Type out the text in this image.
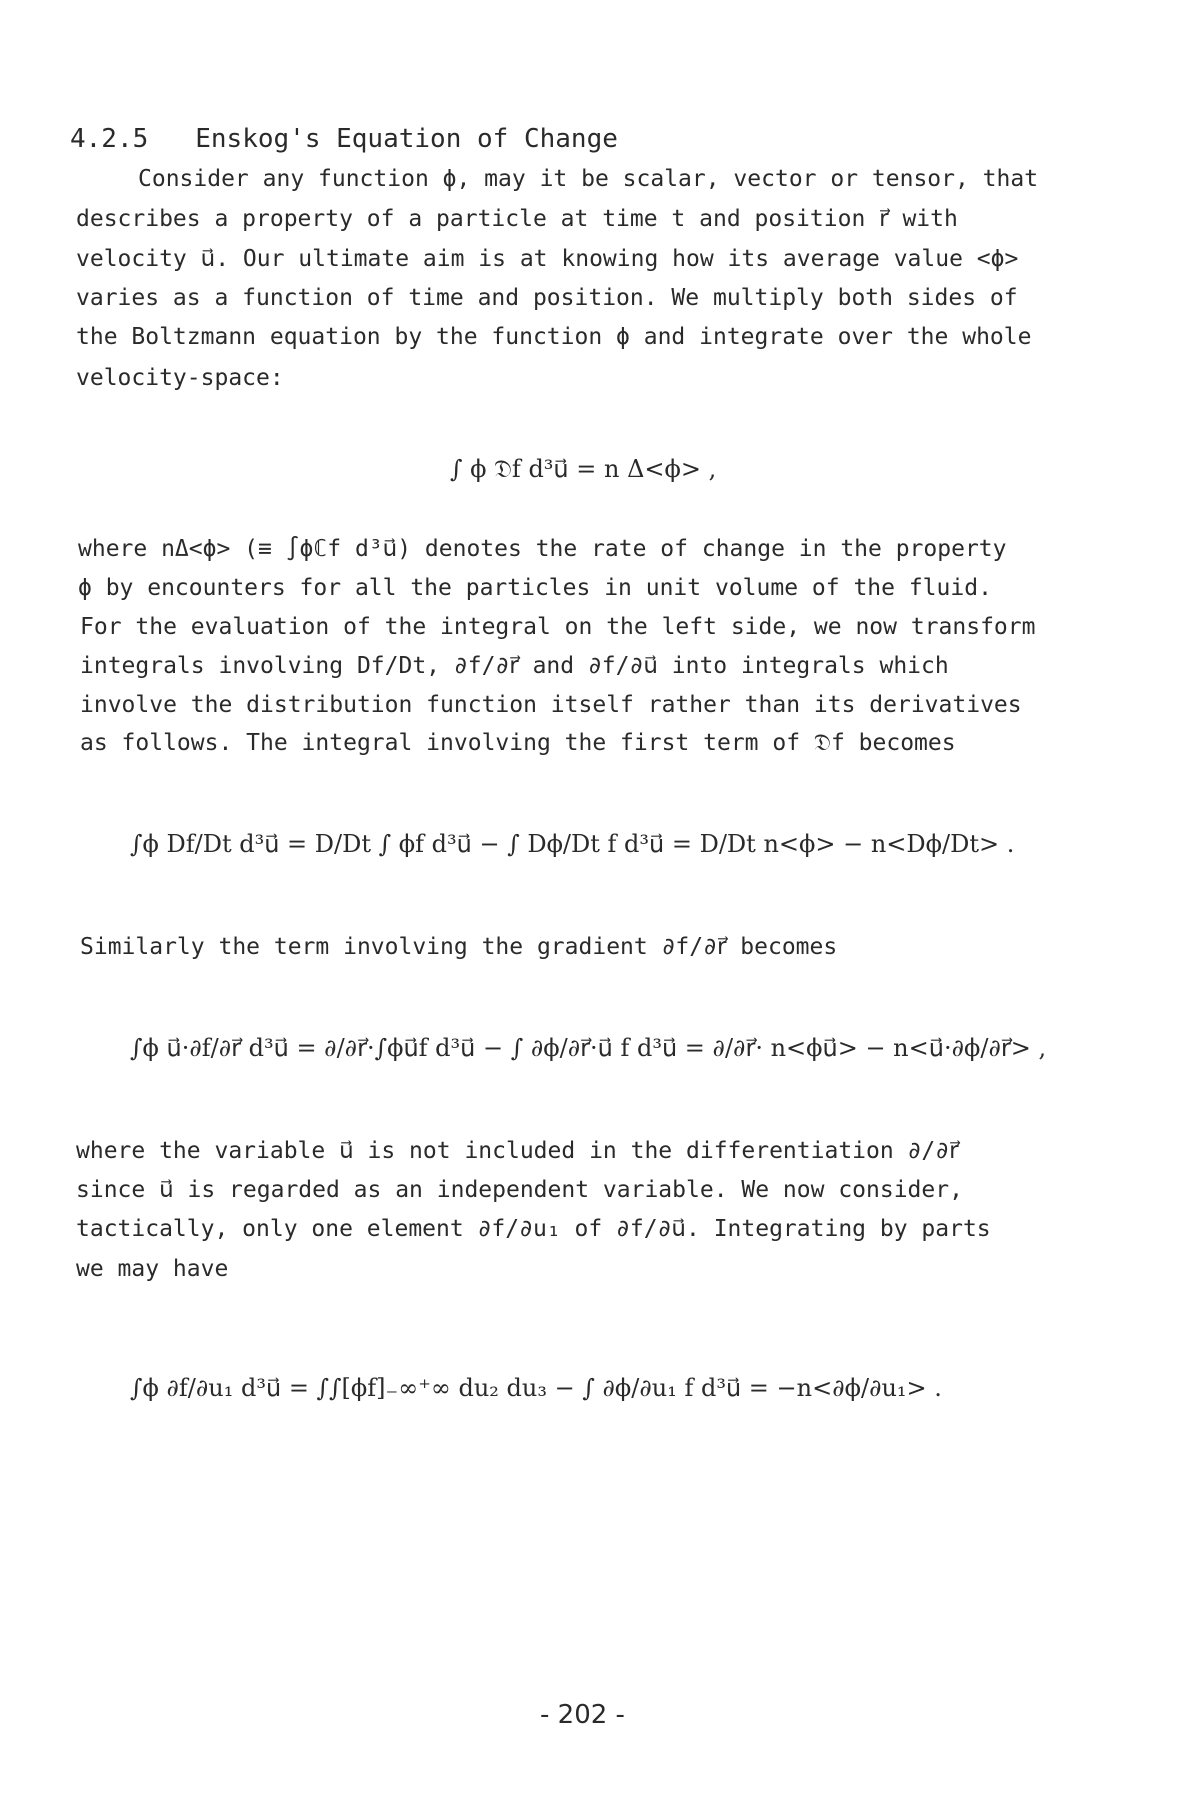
4.2.5 Enskog's Equation of Change
Consider any function ϕ, may it be scalar, vector or tensor, that
describes a property of a particle at time t and position r⃗ with
velocity u⃗. Our ultimate aim is at knowing how its average value <ϕ>
varies as a function of time and position. We multiply both sides of
the Boltzmann equation by the function ϕ and integrate over the whole
velocity-space:
∫ ϕ 𝔇f d³u⃗ = n Δ<ϕ> ,
where nΔ<ϕ> (≡ ∫ϕℂf d³u⃗) denotes the rate of change in the property
ϕ by encounters for all the particles in unit volume of the fluid.
For the evaluation of the integral on the left side, we now transform
integrals involving Df/Dt, ∂f/∂r⃗ and ∂f/∂u⃗ into integrals which
involve the distribution function itself rather than its derivatives
as follows. The integral involving the first term of 𝔇f becomes
∫ϕ Df/Dt d³u⃗ = D/Dt ∫ ϕf d³u⃗ − ∫ Dϕ/Dt f d³u⃗ = D/Dt n<ϕ> − n<Dϕ/Dt> .
Similarly the term involving the gradient ∂f/∂r⃗ becomes
∫ϕ u⃗·∂f/∂r⃗ d³u⃗ = ∂/∂r⃗·∫ϕu⃗f d³u⃗ − ∫ ∂ϕ/∂r⃗·u⃗ f d³u⃗ = ∂/∂r⃗· n<ϕu⃗> − n<u⃗·∂ϕ/∂r⃗> ,
where the variable u⃗ is not included in the differentiation ∂/∂r⃗
since u⃗ is regarded as an independent variable. We now consider,
tactically, only one element ∂f/∂u₁ of ∂f/∂u⃗. Integrating by parts
we may have
∫ϕ ∂f/∂u₁ d³u⃗ = ∫∫[ϕf]₋∞⁺∞ du₂ du₃ − ∫ ∂ϕ/∂u₁ f d³u⃗ = −n<∂ϕ/∂u₁> .
- 202 -
